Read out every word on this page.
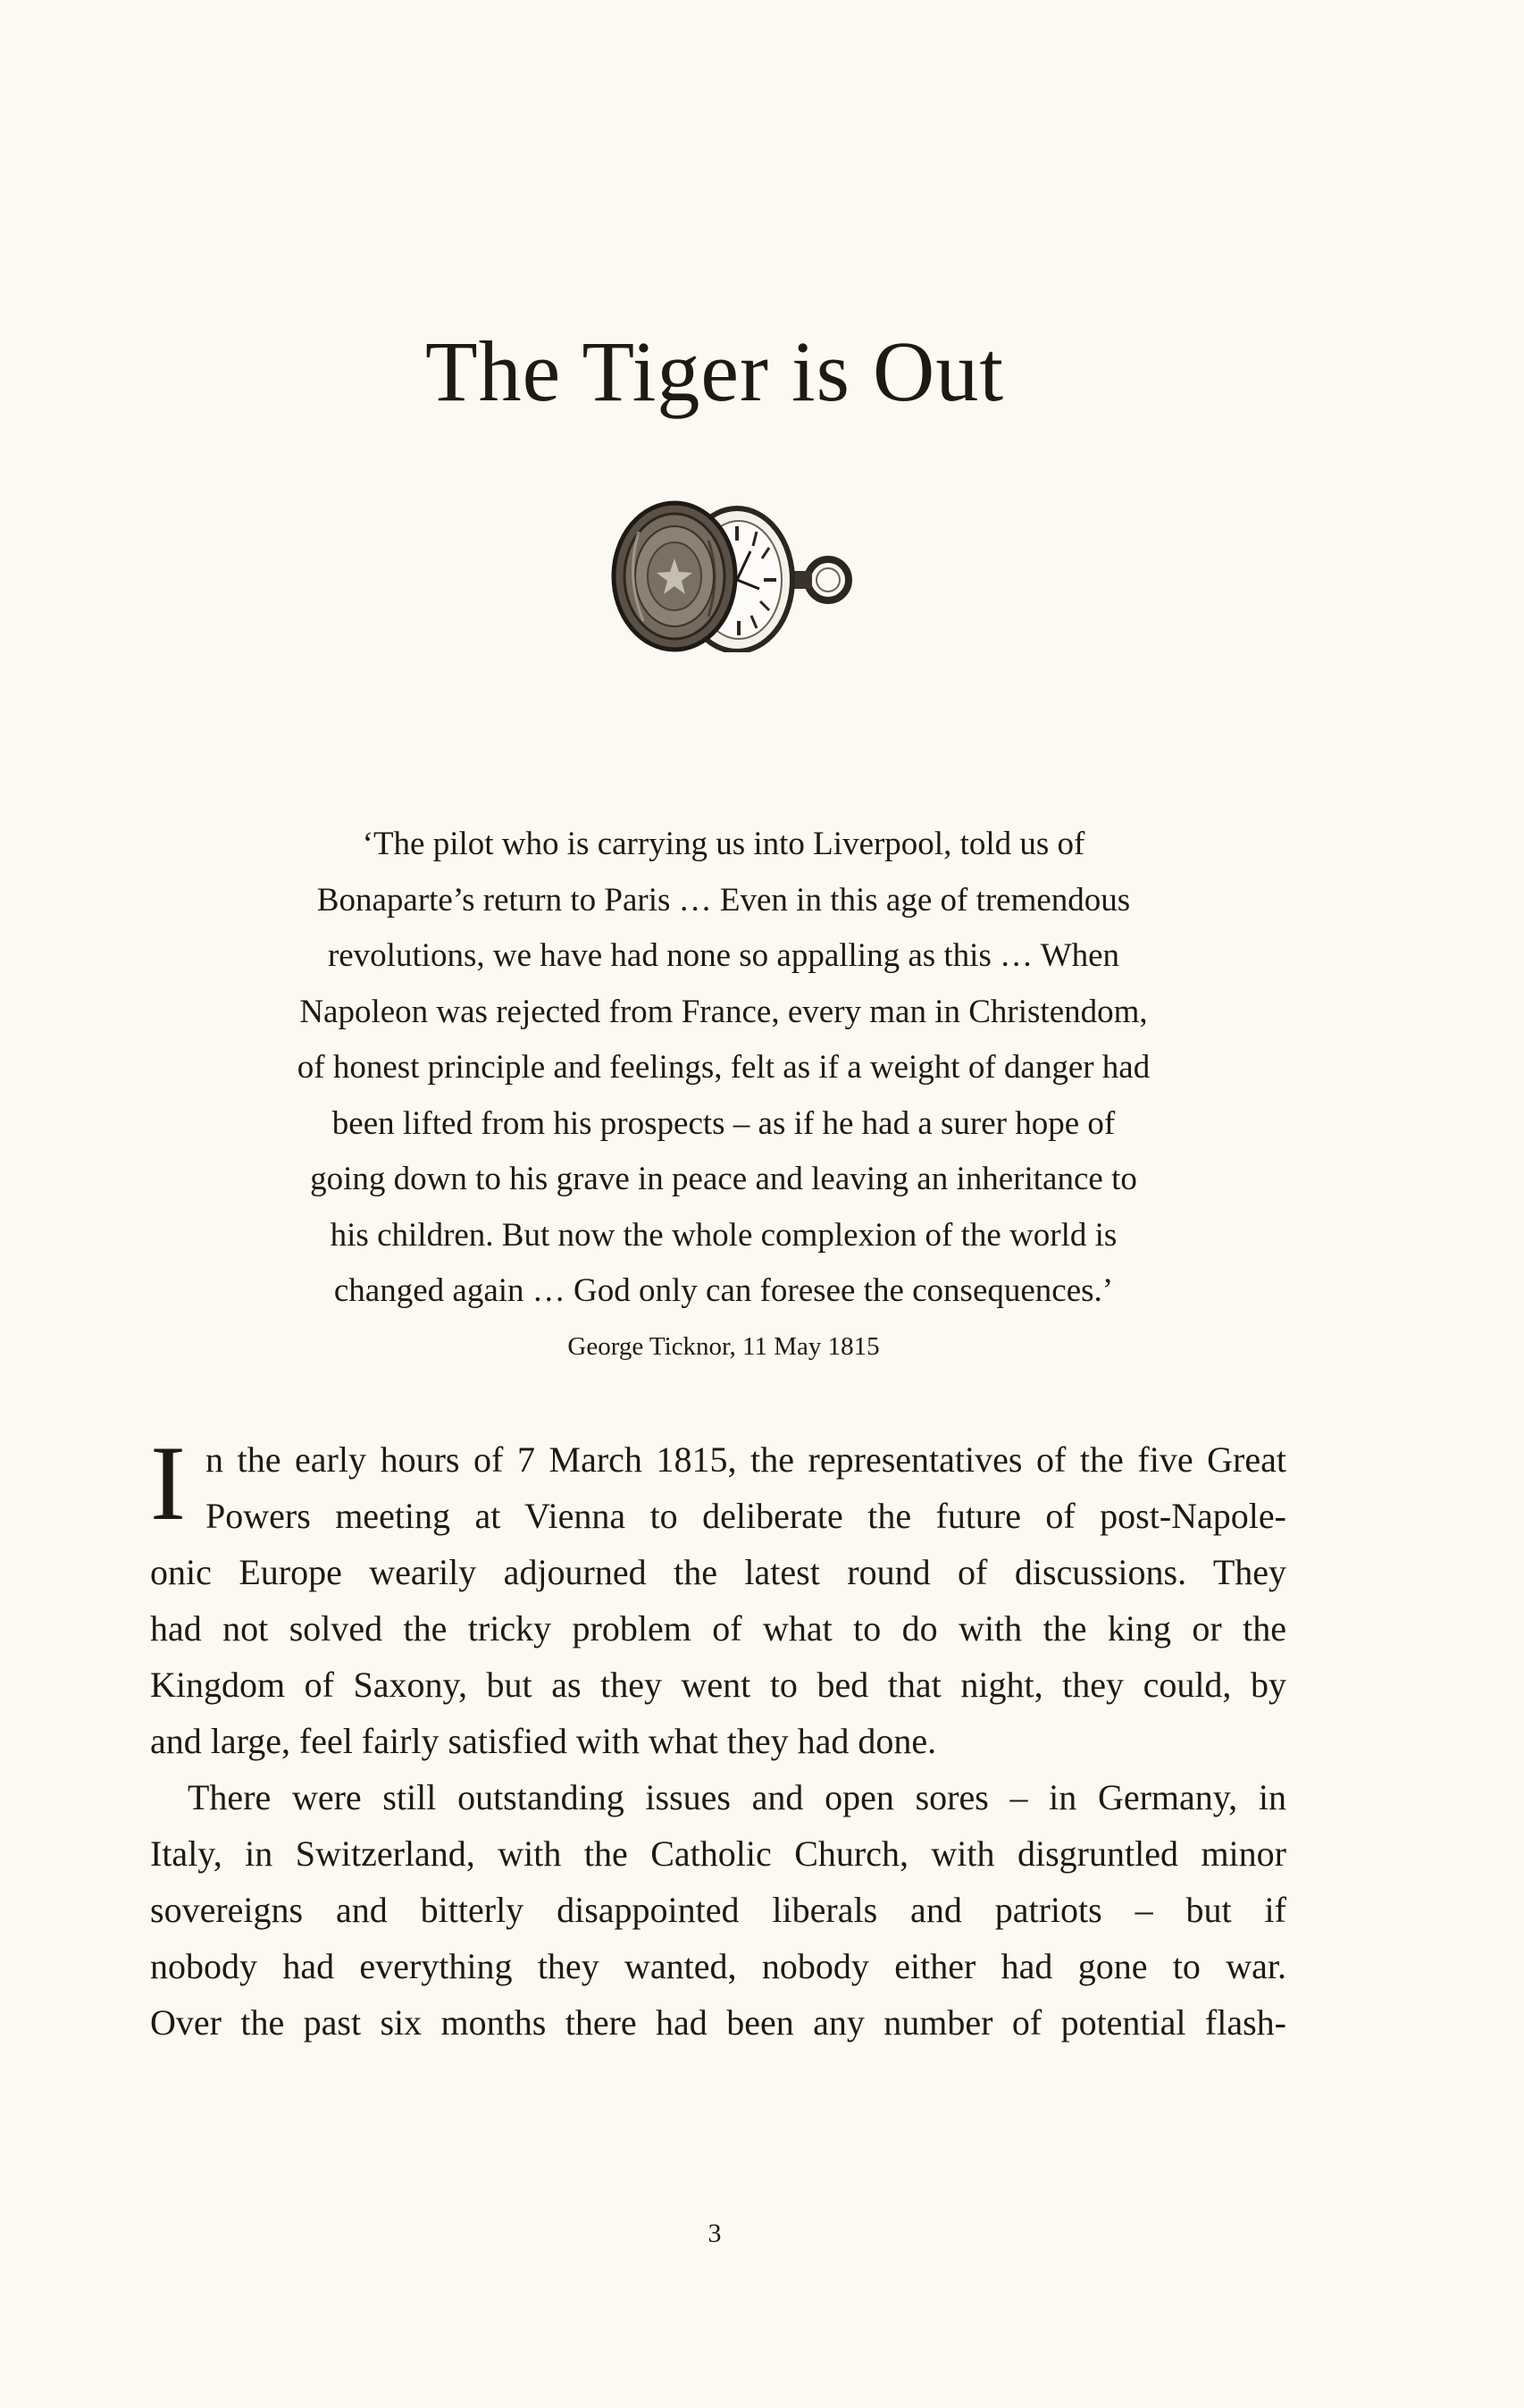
The Tiger is Out
‘The pilot who is carrying us into Liverpool, told us of
Bonaparte’s return to Paris … Even in this age of tremendous
revolutions, we have had none so appalling as this … When
Napoleon was rejected from France, every man in Christendom,
of honest principle and feelings, felt as if a weight of danger had
been lifted from his prospects – as if he had a surer hope of
going down to his grave in peace and leaving an inheritance to
his children. But now the whole complexion of the world is
changed again … God only can foresee the consequences.’
George Ticknor, 11 May 1815
I n the early hours of 7 March 1815, the representatives of the five Great
Powers meeting at Vienna to deliberate the future of post-Napole-
onic Europe wearily adjourned the latest round of discussions. They
had not solved the tricky problem of what to do with the king or the
Kingdom of Saxony, but as they went to bed that night, they could, by
and large, feel fairly satisfied with what they had done.
There were still outstanding issues and open sores – in Germany, in
Italy, in Switzerland, with the Catholic Church, with disgruntled minor
sovereigns and bitterly disappointed liberals and patriots – but if
nobody had everything they wanted, nobody either had gone to war.
Over the past six months there had been any number of potential flash-
3
